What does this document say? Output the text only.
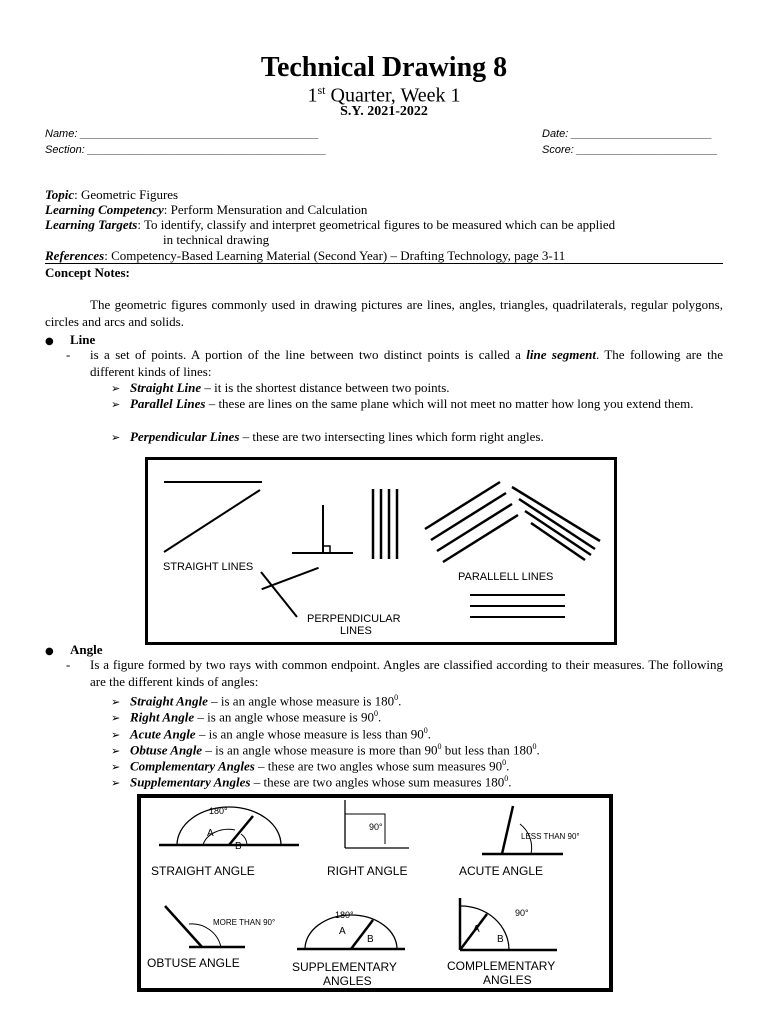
Technical Drawing 8
1st Quarter, Week 1
S.Y. 2021-2022
Name: _______________________________________
Section: _______________________________________
Date: _______________________
Score: _______________________
Topic: Geometric Figures
Learning Competency: Perform Mensuration and Calculation
Learning Targets: To identify, classify and interpret geometrical figures to be measured which can be applied
in technical drawing
References: Competency-Based Learning Material (Second Year) – Drafting Technology, page 3-11
Concept Notes:
The geometric figures commonly used in drawing pictures are lines, angles, triangles, quadrilaterals, regular polygons, circles and arcs and solids.
● Line
- is a set of points. A portion of the line between two distinct points is called a line segment. The following are the different kinds of lines:
➢ Straight Line – it is the shortest distance between two points.
➢ Parallel Lines – these are lines on the same plane which will not meet no matter how long you extend them.
➢ Perpendicular Lines – these are two intersecting lines which form right angles.
STRAIGHT LINES
PERPENDICULAR
LINES
PARALLELL LINES
● Angle
- Is a figure formed by two rays with common endpoint. Angles are classified according to their measures. The following are the different kinds of angles:
➢ Straight Angle – is an angle whose measure is $180^0$.
➢ Right Angle – is an angle whose measure is $90^0$.
➢ Acute Angle – is an angle whose measure is less than $90^0$.
➢ Obtuse Angle – is an angle whose measure is more than $90^0$ but less than $180^0$.
➢ Complementary Angles – these are two angles whose sum measures $90^0$.
➢ Supplementary Angles – these are two angles whose sum measures $180^0$.
180°
A
B
STRAIGHT ANGLE
90°
RIGHT ANGLE
LESS THAN 90°
ACUTE ANGLE
MORE THAN 90°
OBTUSE ANGLE
180°
A
B
SUPPLEMENTARY
ANGLES
90°
A
B
COMPLEMENTARY
ANGLES
